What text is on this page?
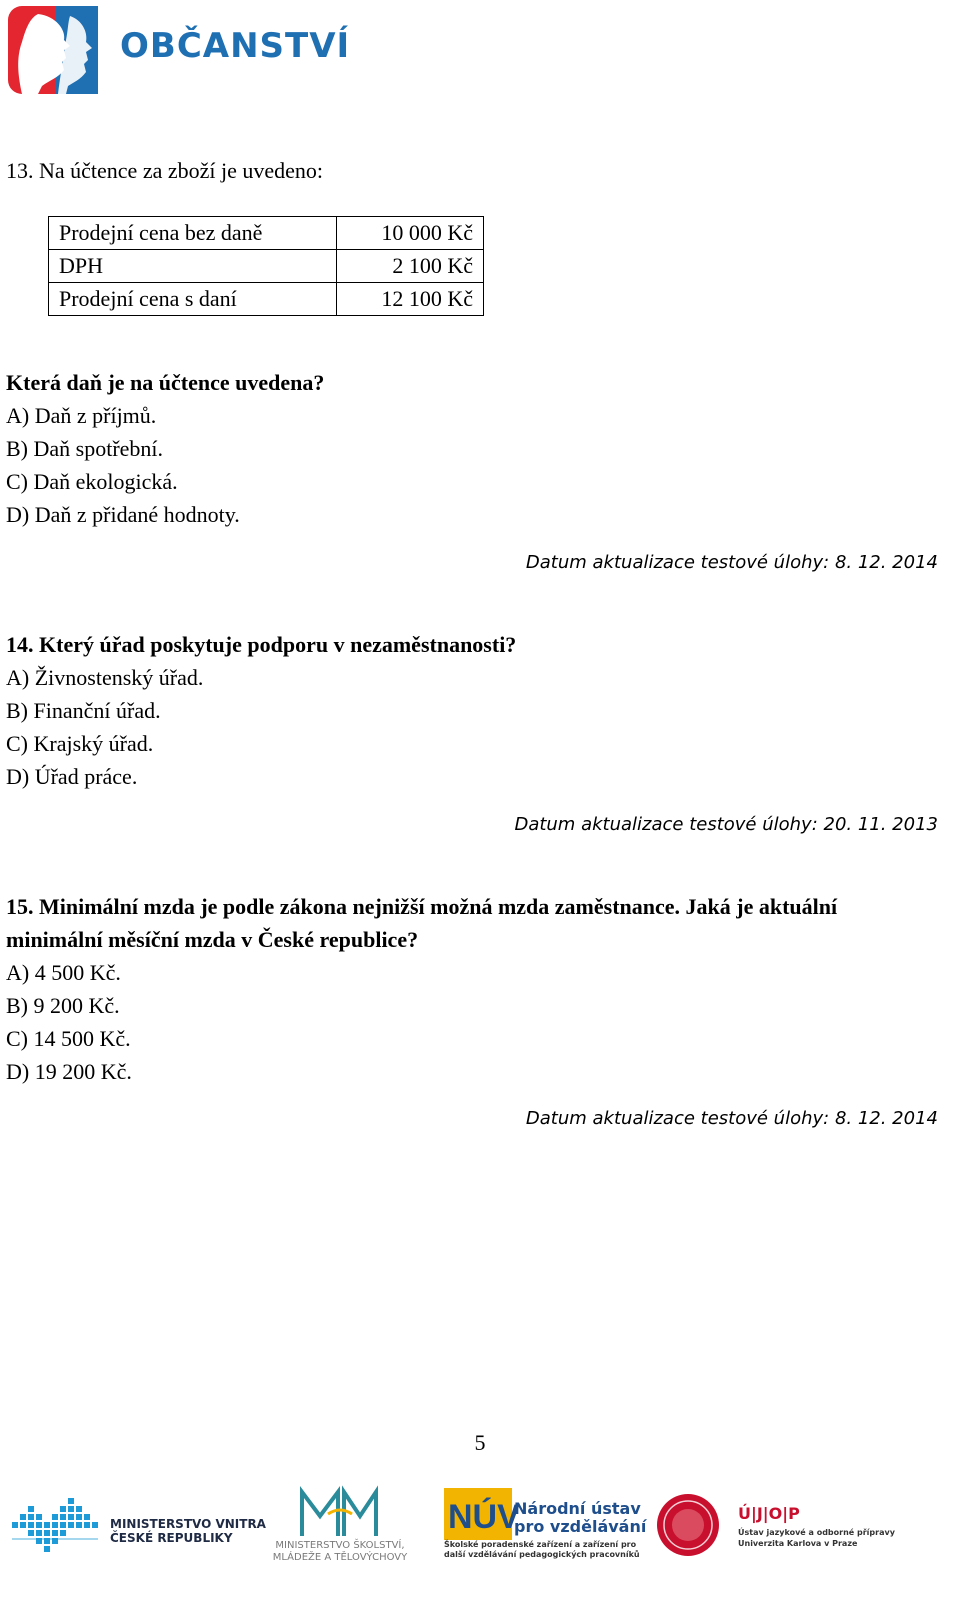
OBČANSTVÍ
13. Na účtence za zboží je uvedeno:
Prodejní cena bez daně	10 000 Kč
DPH	2 100 Kč
Prodejní cena s daní	12 100 Kč
Která daň je na účtence uvedena?
A) Daň z příjmů.
B) Daň spotřební.
C) Daň ekologická.
D) Daň z přidané hodnoty.
Datum aktualizace testové úlohy: 8. 12. 2014
14. Který úřad poskytuje podporu v nezaměstnanosti?
A) Živnostenský úřad.
B) Finanční úřad.
C) Krajský úřad.
D) Úřad práce.
Datum aktualizace testové úlohy: 20. 11. 2013
15. Minimální mzda je podle zákona nejnižší možná mzda zaměstnance. Jaká je aktuální
minimální měsíční mzda v České republice?
A) 4 500 Kč.
B) 9 200 Kč.
C) 14 500 Kč.
D) 19 200 Kč.
Datum aktualizace testové úlohy: 8. 12. 2014
5
MINISTERSTVO VNITRA
ČESKÉ REPUBLIKY
MINISTERSTVO ŠKOLSTVÍ,
MLÁDEŽE A TĚLOVÝCHOVY
NÚV
Národní ústav
pro vzdělávání
Školské poradenské zařízení a zařízení pro
další vzdělávání pedagogických pracovníků
Ú|J|O|P
Ústav jazykové a odborné přípravy
Univerzita Karlova v Praze
